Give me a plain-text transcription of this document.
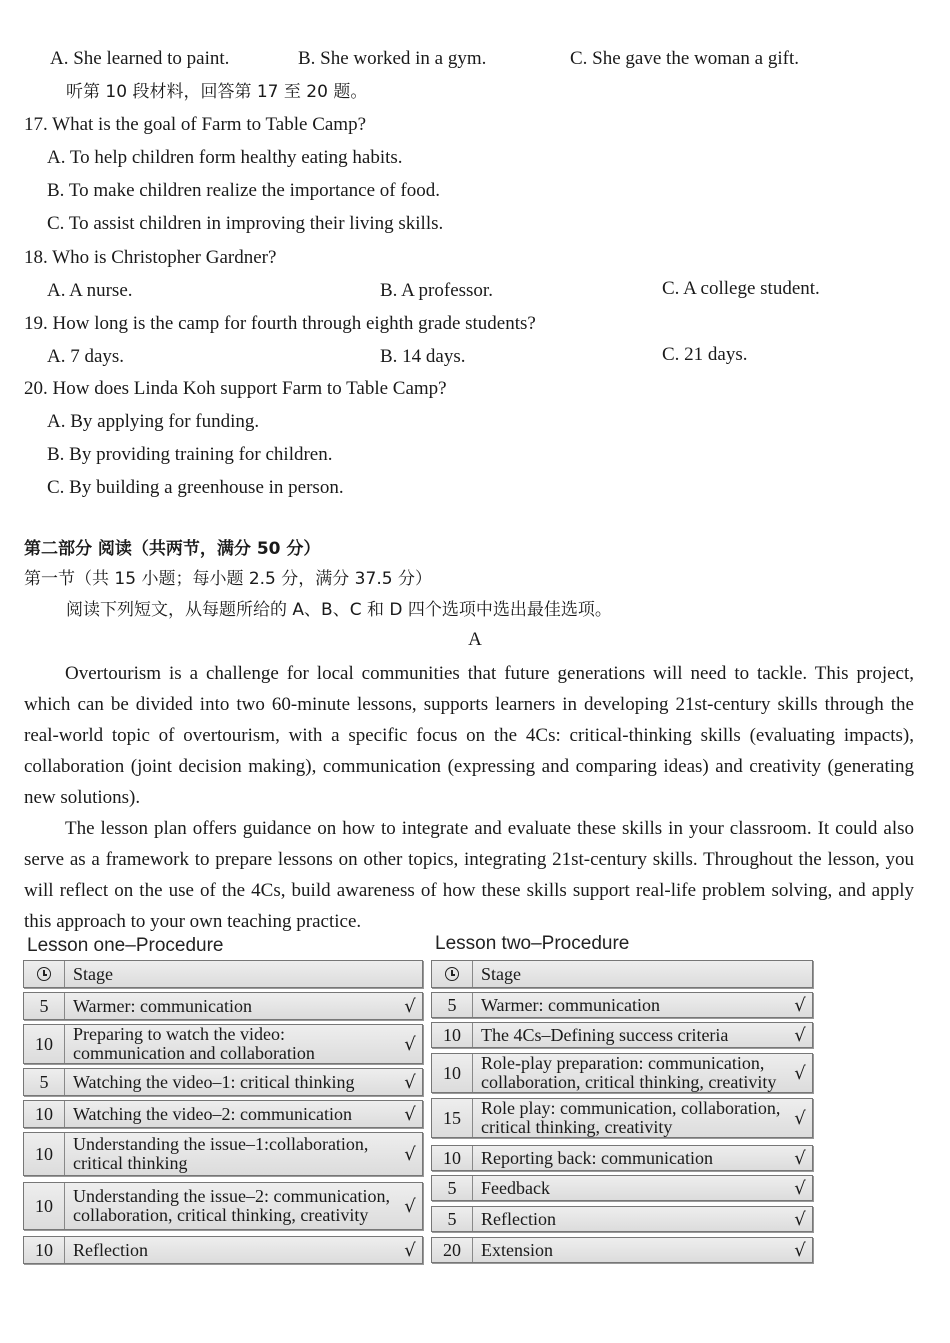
A. She learned to paint.	B. She worked in a gym.	C. She gave the woman a gift.
听第 10 段材料，回答第 17 至 20 题。
17. What is the goal of Farm to Table Camp?
A. To help children form healthy eating habits.
B. To make children realize the importance of food.
C. To assist children in improving their living skills.
18. Who is Christopher Gardner?
A. A nurse.	B. A professor.	C. A college student.
19. How long is the camp for fourth through eighth grade students?
A. 7 days.	B. 14 days.	C. 21 days.
20. How does Linda Koh support Farm to Table Camp?
A. By applying for funding.
B. By providing training for children.
C. By building a greenhouse in person.
第二部分 阅读（共两节，满分 50 分）
第一节（共 15 小题；每小题 2.5 分，满分 37.5 分）
阅读下列短文，从每题所给的 A、B、C 和 D 四个选项中选出最佳选项。
A
Overtourism is a challenge for local communities that future generations will need to tackle. This project, which can be divided into two 60-minute lessons, supports learners in developing 21st-century skills through the real-world topic of overtourism, with a specific focus on the 4Cs: critical-thinking skills (evaluating impacts), collaboration (joint decision making), communication (expressing and comparing ideas) and creativity (generating new solutions).
The lesson plan offers guidance on how to integrate and evaluate these skills in your classroom. It could also serve as a framework to prepare lessons on other topics, integrating 21st-century skills. Throughout the lesson, you will reflect on the use of the 4Cs, build awareness of how these skills support real-life problem solving, and apply this approach to your own teaching practice.
Lesson one–Procedure
Stage
5	Warmer: communication	√
10	Preparing to watch the video: communication and collaboration	√
5	Watching the video–1: critical thinking	√
10	Watching the video–2: communication	√
10	Understanding the issue–1:collaboration, critical thinking	√
10	Understanding the issue–2: communication, collaboration, critical thinking, creativity	√
10	Reflection	√
Lesson two–Procedure
Stage
5	Warmer: communication	√
10	The 4Cs–Defining success criteria	√
10	Role-play preparation: communication, collaboration, critical thinking, creativity √
15	Role play: communication, collaboration, critical thinking, creativity	√
10	Reporting back: communication	√
5	Feedback	√
5	Reflection	√
20	Extension	√
